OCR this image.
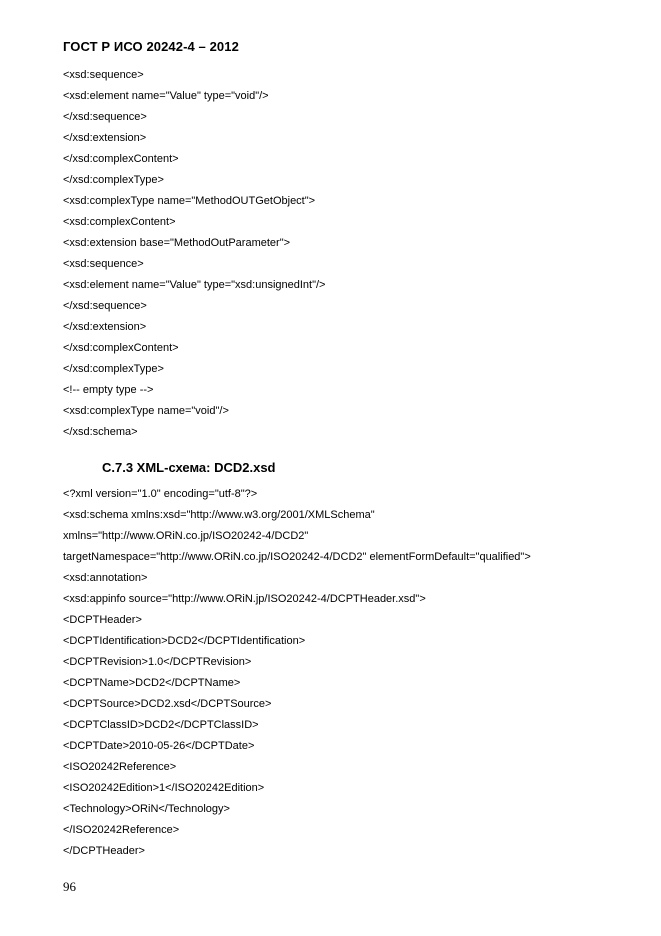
ГОСТ Р ИСО 20242-4 – 2012
<xsd:sequence>
<xsd:element name="Value" type="void"/>
</xsd:sequence>
</xsd:extension>
</xsd:complexContent>
</xsd:complexType>
<xsd:complexType name="MethodOUTGetObject">
<xsd:complexContent>
<xsd:extension base="MethodOutParameter">
<xsd:sequence>
<xsd:element name="Value" type="xsd:unsignedInt"/>
</xsd:sequence>
</xsd:extension>
</xsd:complexContent>
</xsd:complexType>
<!-- empty type -->
<xsd:complexType name="void"/>
</xsd:schema>
C.7.3 XML-схема: DCD2.xsd
<?xml version="1.0" encoding="utf-8"?>
<xsd:schema xmlns:xsd="http://www.w3.org/2001/XMLSchema"
xmlns="http://www.ORiN.co.jp/ISO20242-4/DCD2"
targetNamespace="http://www.ORiN.co.jp/ISO20242-4/DCD2" elementFormDefault="qualified">
<xsd:annotation>
<xsd:appinfo source="http://www.ORiN.jp/ISO20242-4/DCPTHeader.xsd">
<DCPTHeader>
<DCPTIdentification>DCD2</DCPTIdentification>
<DCPTRevision>1.0</DCPTRevision>
<DCPTName>DCD2</DCPTName>
<DCPTSource>DCD2.xsd</DCPTSource>
<DCPTClassID>DCD2</DCPTClassID>
<DCPTDate>2010-05-26</DCPTDate>
<ISO20242Reference>
<ISO20242Edition>1</ISO20242Edition>
<Technology>ORiN</Technology>
</ISO20242Reference>
</DCPTHeader>
96
